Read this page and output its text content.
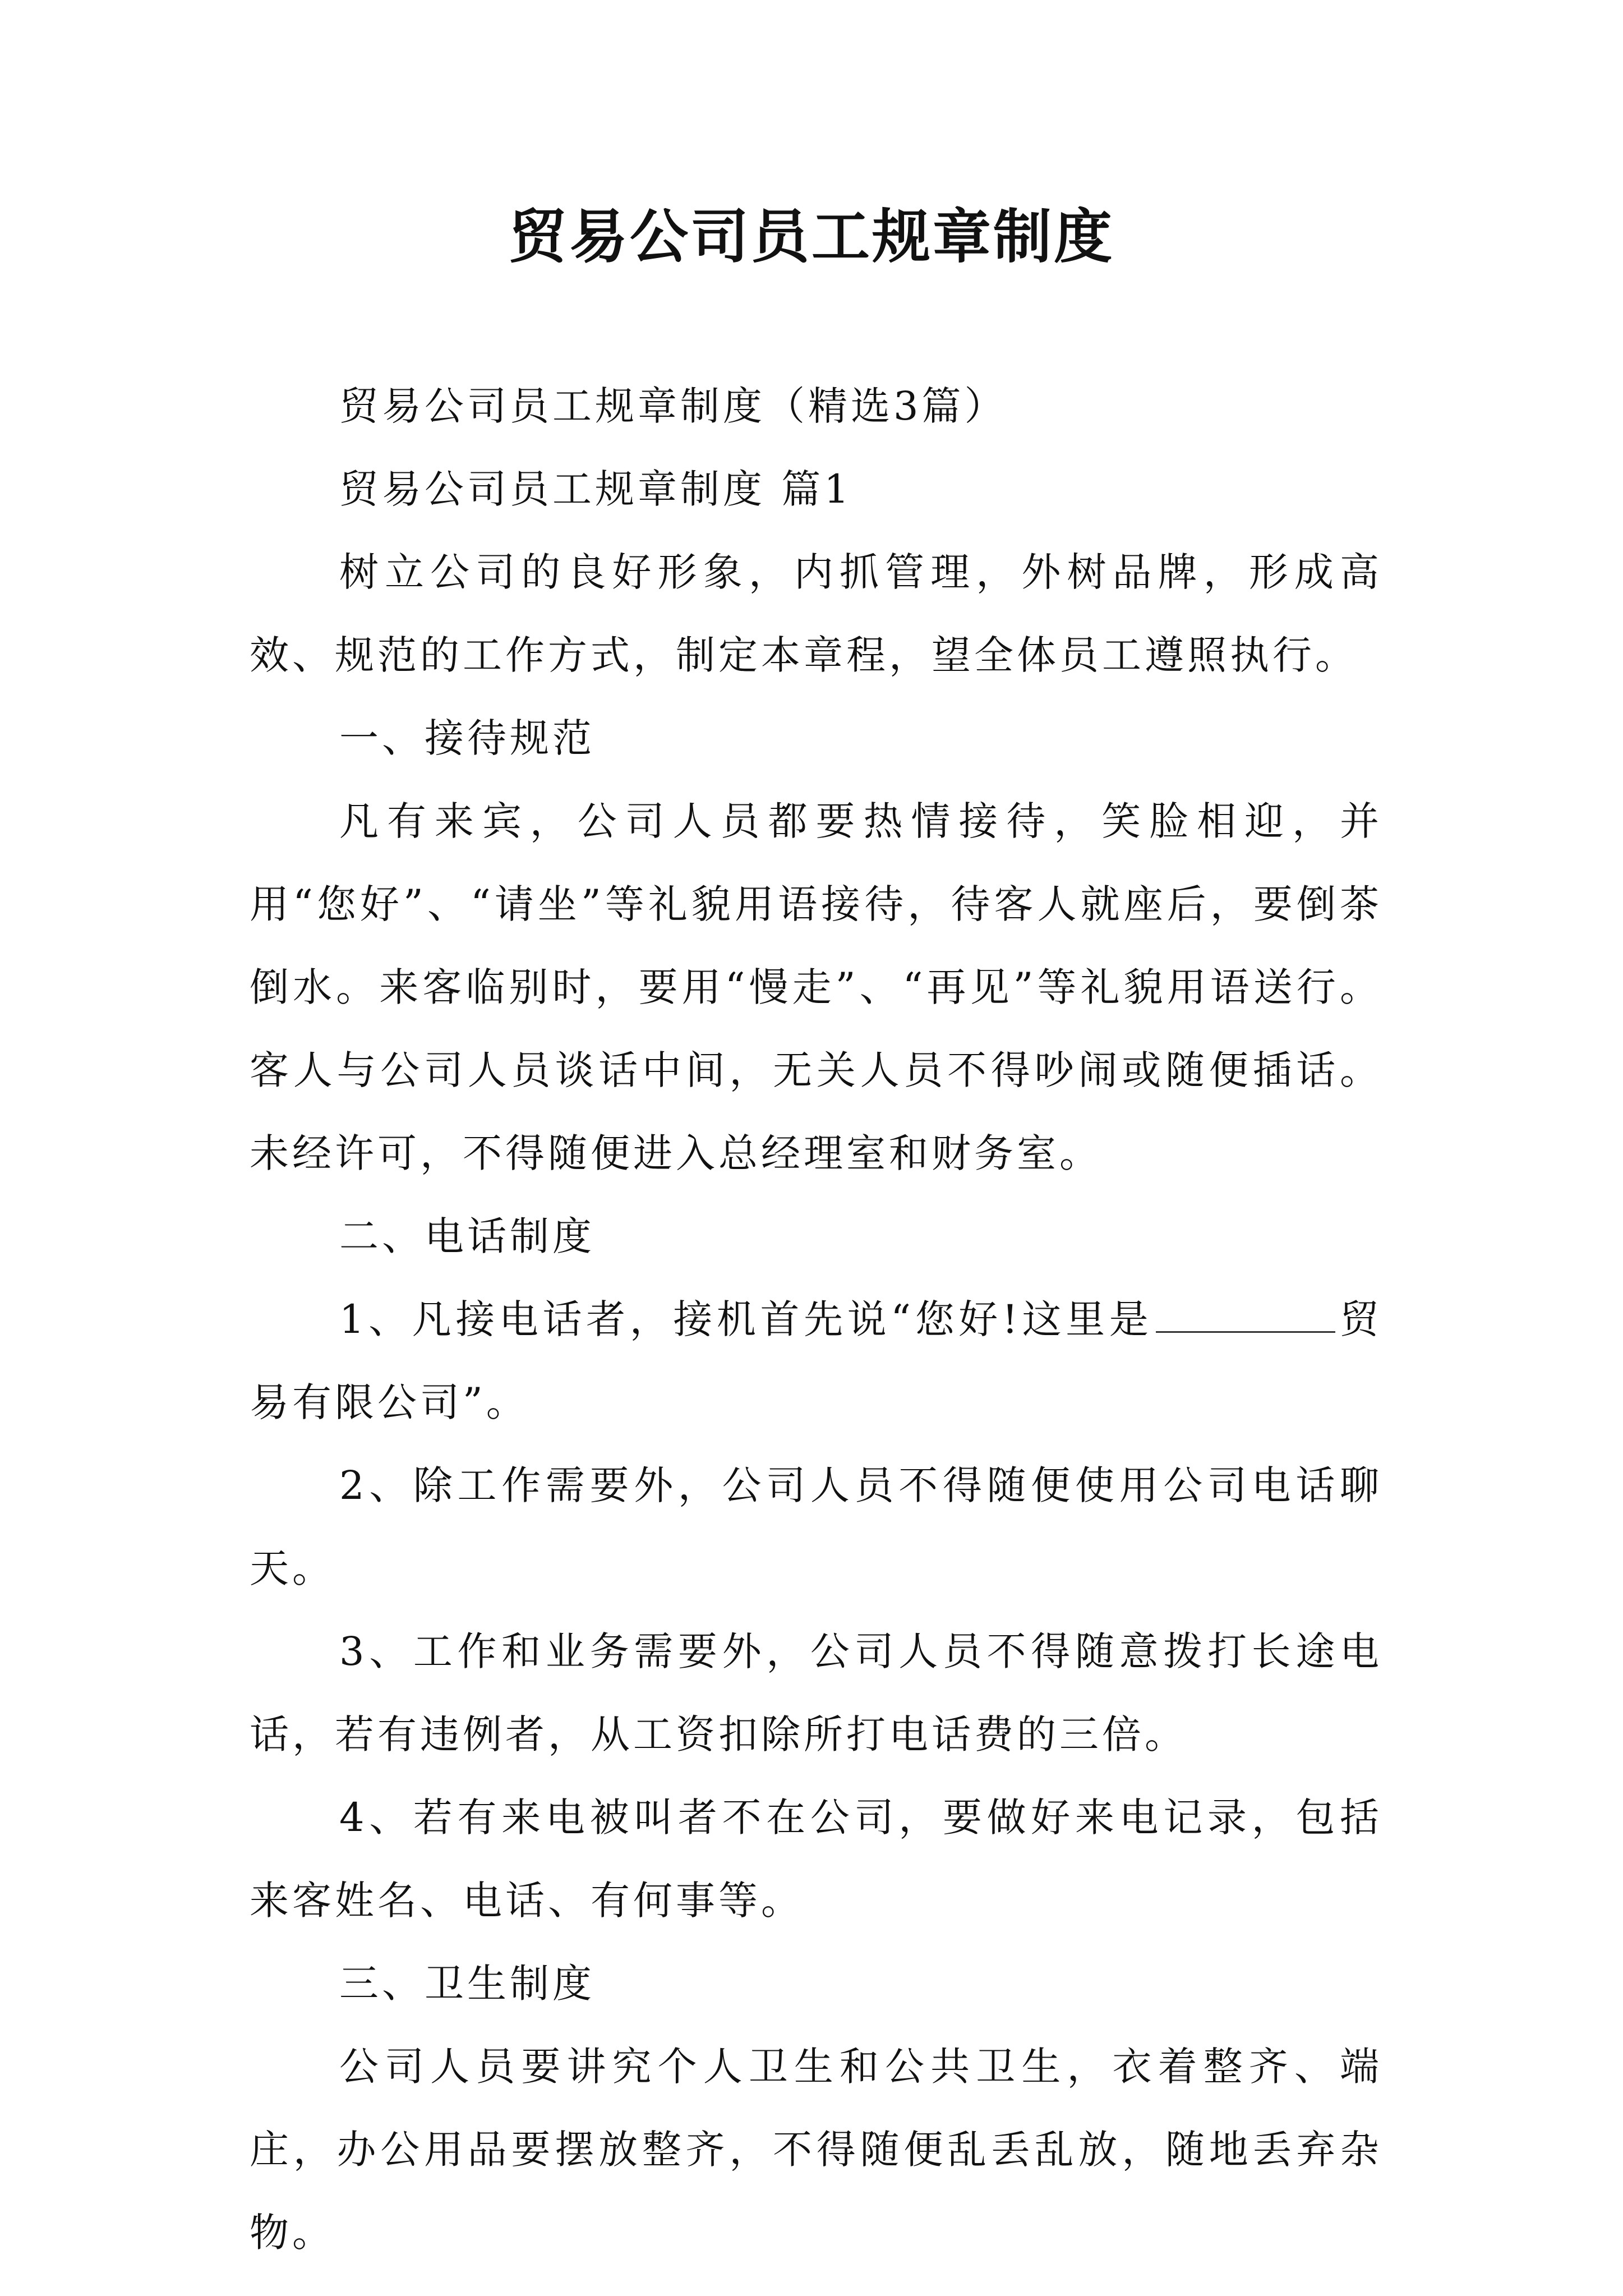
贸易公司员工规章制度

贸易公司员工规章制度（精选3篇）

贸易公司员工规章制度 篇1

树立公司的良好形象，内抓管理，外树品牌，形成高效、规范的工作方式，制定本章程，望全体员工遵照执行。

一、接待规范

凡有来宾，公司人员都要热情接待，笑脸相迎，并用“您好”、“请坐”等礼貌用语接待，待客人就座后，要倒茶倒水。来客临别时，要用“慢走”、“再见”等礼貌用语送行。客人与公司人员谈话中间，无关人员不得吵闹或随便插话。未经许可，不得随便进入总经理室和财务室。

二、电话制度

1、凡接电话者，接机首先说“您好!这里是	贸易有限公司”。

2、除工作需要外，公司人员不得随便使用公司电话聊天。

3、工作和业务需要外，公司人员不得随意拨打长途电话，若有违例者，从工资扣除所打电话费的三倍。

4、若有来电被叫者不在公司，要做好来电记录，包括来客姓名、电话、有何事等。

三、卫生制度

公司人员要讲究个人卫生和公共卫生，衣着整齐、端庄，办公用品要摆放整齐，不得随便乱丢乱放，随地丢弃杂物。
